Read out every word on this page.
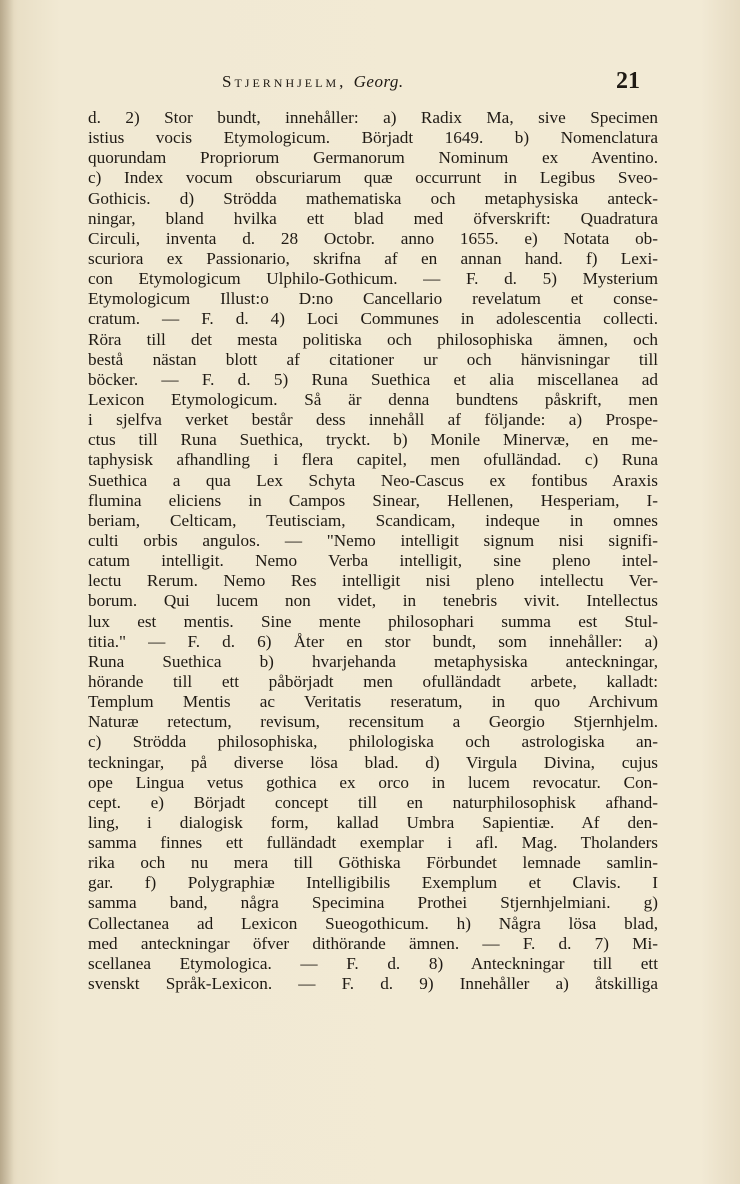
Stjernhjelm, Georg.	21
d. 2) Stor bundt, innehåller: a) Radix Ma, sive Specimen
istius vocis Etymologicum. Börjadt 1649. b) Nomenclatura
quorundam Propriorum Germanorum Nominum ex Aventino.
c) Index vocum obscuriarum quæ occurrunt in Legibus Sveo-
Gothicis. d) Strödda mathematiska och metaphysiska anteck-
ningar, bland hvilka ett blad med öfverskrift: Quadratura
Circuli, inventa d. 28 Octobr. anno 1655. e) Notata ob-
scuriora ex Passionario, skrifna af en annan hand. f) Lexi-
con Etymologicum Ulphilo-Gothicum. — F. d. 5) Mysterium
Etymologicum Illust:o D:no Cancellario revelatum et conse-
cratum. — F. d. 4) Loci Communes in adolescentia collecti.
Röra till det mesta politiska och philosophiska ämnen, och
bestå nästan blott af citationer ur och hänvisningar till
böcker. — F. d. 5) Runa Suethica et alia miscellanea ad
Lexicon Etymologicum. Så är denna bundtens påskrift, men
i sjelfva verket består dess innehåll af följande: a) Prospe-
ctus till Runa Suethica, tryckt. b) Monile Minervæ, en me-
taphysisk afhandling i flera capitel, men ofulländad. c) Runa
Suethica a qua Lex Schyta Neo-Cascus ex fontibus Araxis
flumina eliciens in Campos Sinear, Hellenen, Hesperiam, I-
beriam, Celticam, Teutisciam, Scandicam, indeque in omnes
culti orbis angulos. — "Nemo intelligit signum nisi signifi-
catum intelligit. Nemo Verba intelligit, sine pleno intel-
lectu Rerum. Nemo Res intelligit nisi pleno intellectu Ver-
borum. Qui lucem non videt, in tenebris vivit. Intellectus
lux est mentis. Sine mente philosophari summa est Stul-
titia." — F. d. 6) Åter en stor bundt, som innehåller: a)
Runa Suethica b) hvarjehanda metaphysiska anteckningar,
hörande till ett påbörjadt men ofulländadt arbete, kalladt:
Templum Mentis ac Veritatis reseratum, in quo Archivum
Naturæ retectum, revisum, recensitum a Georgio Stjernhjelm.
c) Strödda philosophiska, philologiska och astrologiska an-
teckningar, på diverse lösa blad. d) Virgula Divina, cujus
ope Lingua vetus gothica ex orco in lucem revocatur. Con-
cept. e) Börjadt concept till en naturphilosophisk afhand-
ling, i dialogisk form, kallad Umbra Sapientiæ. Af den-
samma finnes ett fulländadt exemplar i afl. Mag. Tholanders
rika och nu mera till Göthiska Förbundet lemnade samlin-
gar. f) Polygraphiæ Intelligibilis Exemplum et Clavis. I
samma band, några Specimina Prothei Stjernhjelmiani. g)
Collectanea ad Lexicon Sueogothicum. h) Några lösa blad,
med anteckningar öfver dithörande ämnen. — F. d. 7) Mi-
scellanea Etymologica. — F. d. 8) Anteckningar till ett
svenskt Språk-Lexicon. — F. d. 9) Innehåller a) åtskilliga
